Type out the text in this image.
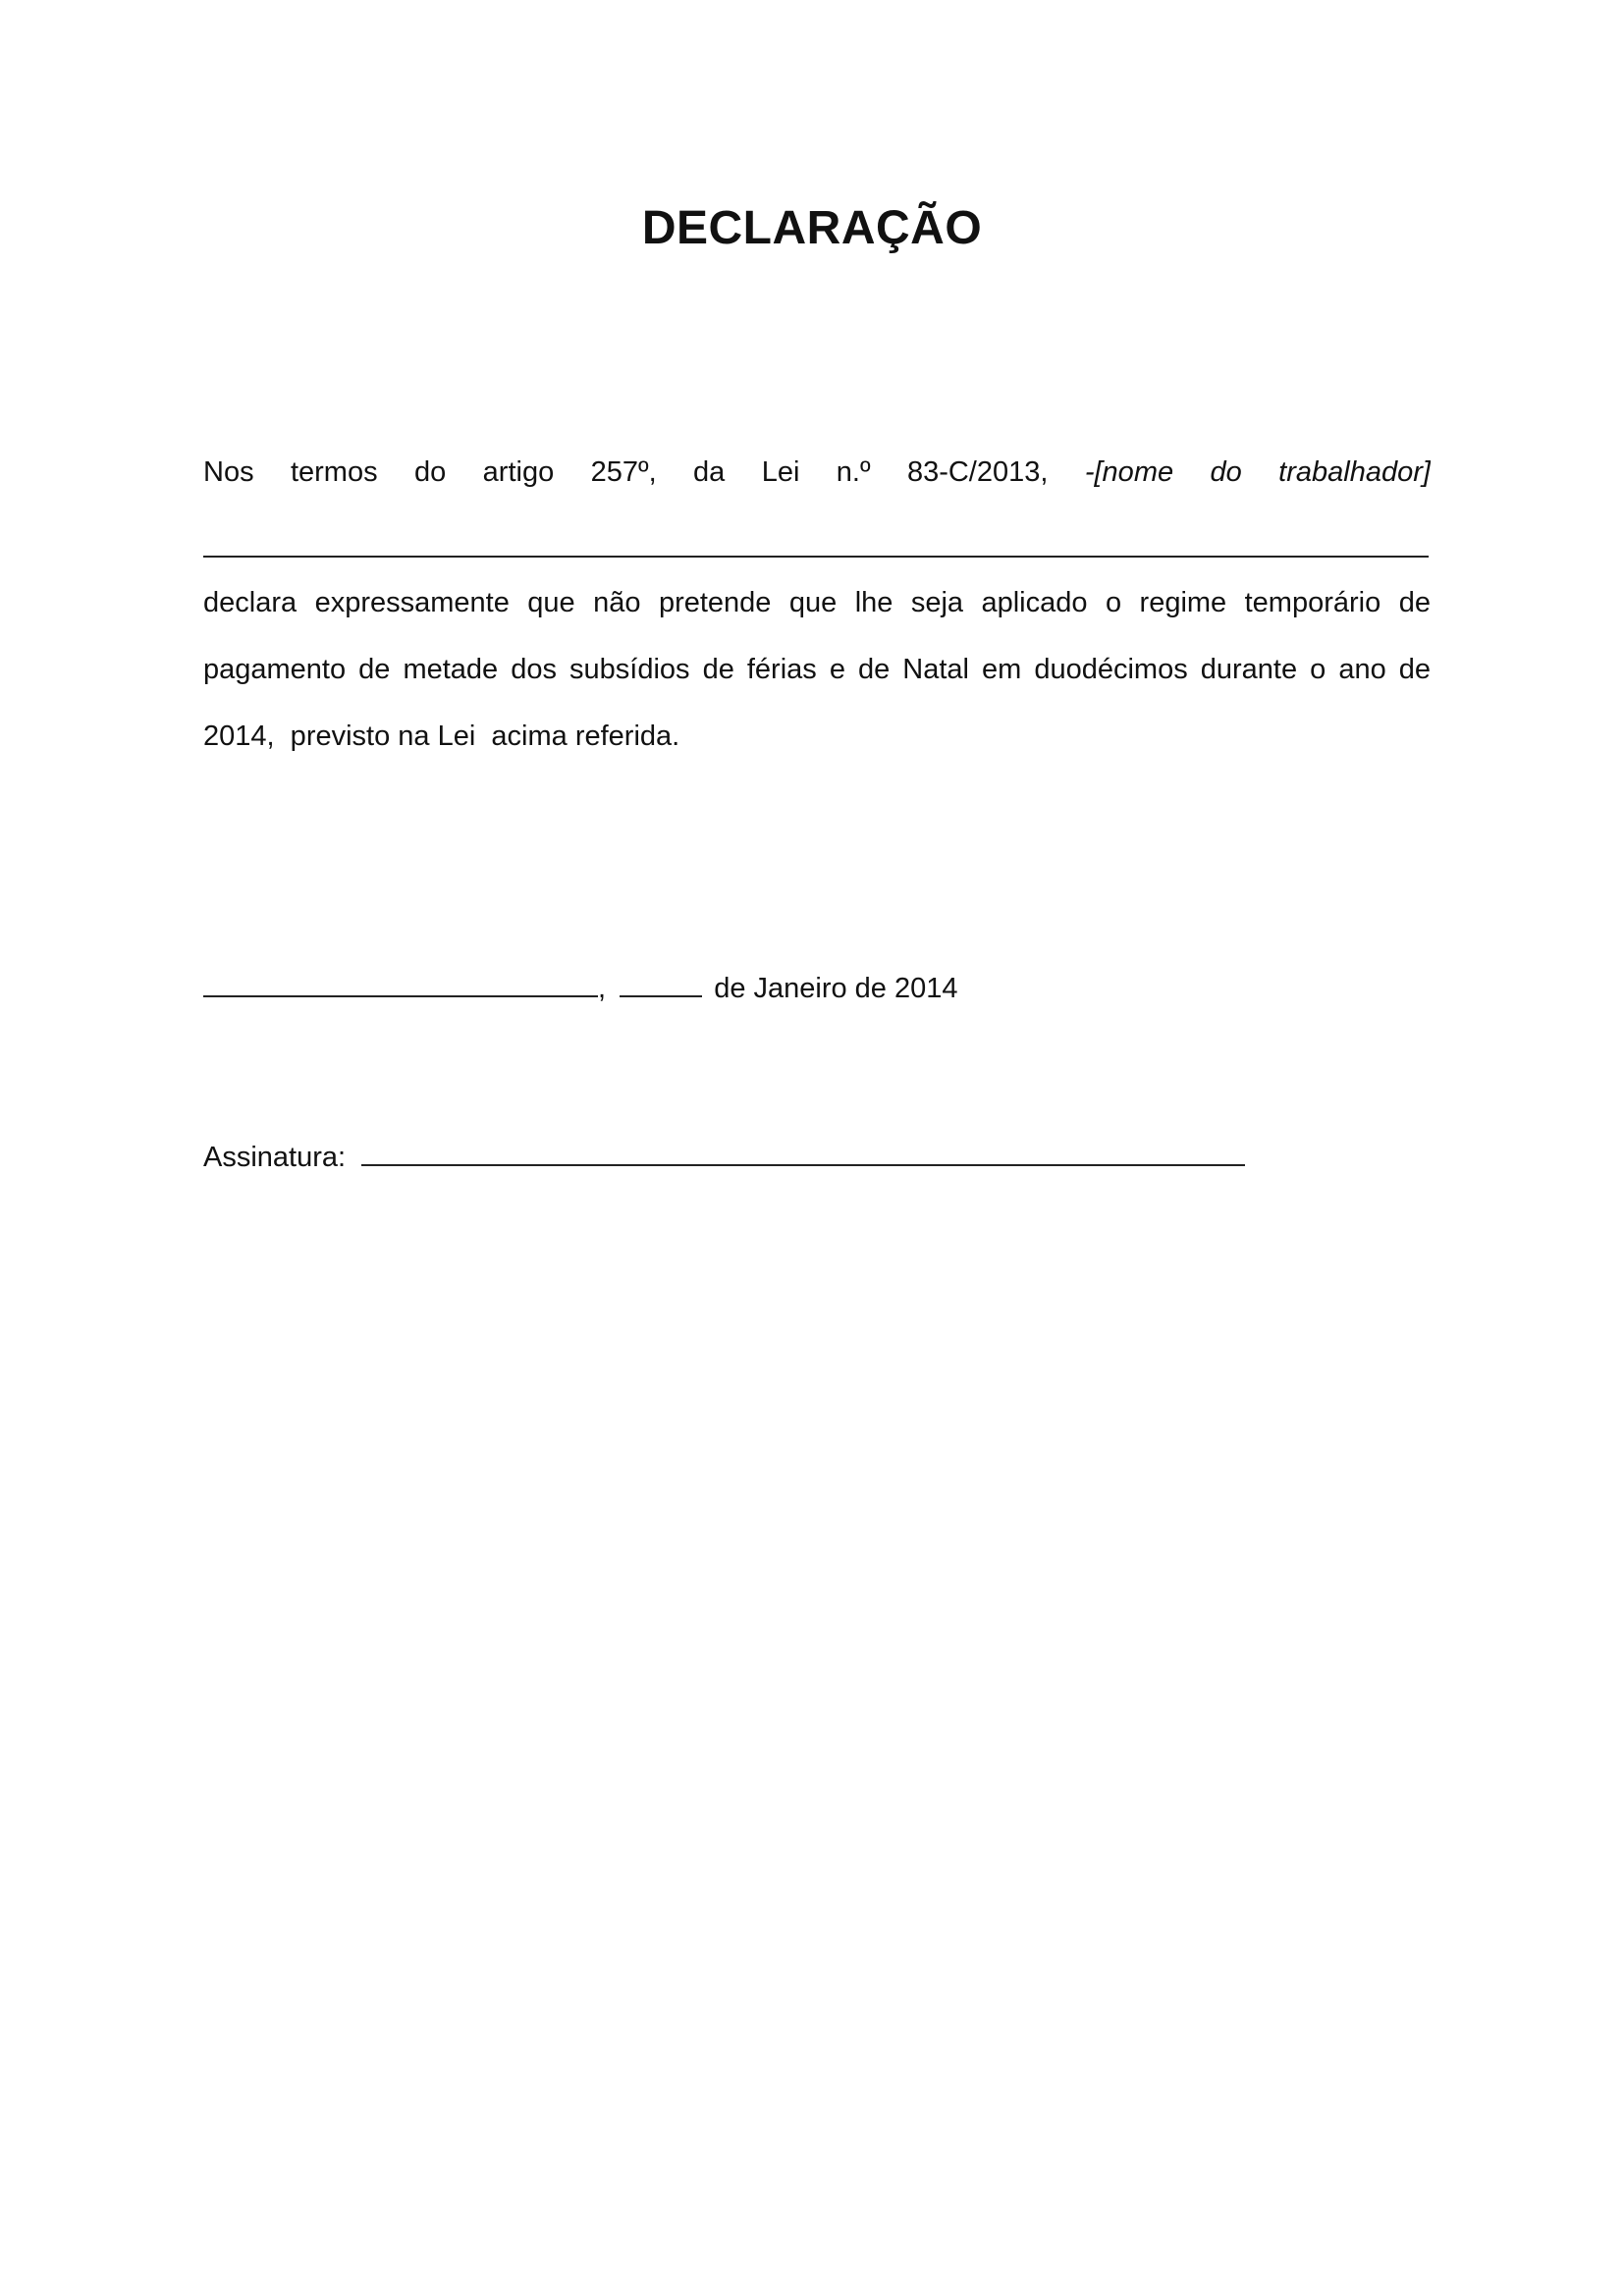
DECLARAÇÃO
Nos termos do artigo 257º, da Lei n.º 83-C/2013, -[nome do trabalhador]
declara expressamente que não pretende que lhe seja aplicado o regime temporário de
pagamento de metade dos subsídios de férias e de Natal em duodécimos durante o ano de
2014,  previsto na Lei  acima referida.
,	de Janeiro de 2014
Assinatura:
